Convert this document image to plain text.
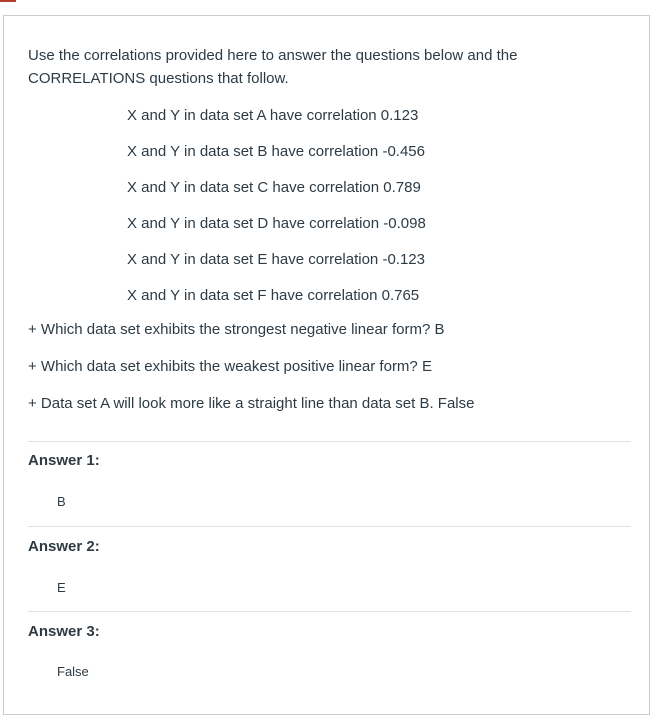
Use the correlations provided here to answer the questions below and the CORRELATIONS questions that follow.

X and Y in data set A have correlation 0.123
X and Y in data set B have correlation -0.456
X and Y in data set C have correlation 0.789
X and Y in data set D have correlation -0.098
X and Y in data set E have correlation -0.123
X and Y in data set F have correlation 0.765
+ Which data set exhibits the strongest negative linear form? B
+ Which data set exhibits the weakest positive linear form? E
+ Data set A will look more like a straight line than data set B. False
Answer 1:
B
Answer 2:
E
Answer 3:
False
